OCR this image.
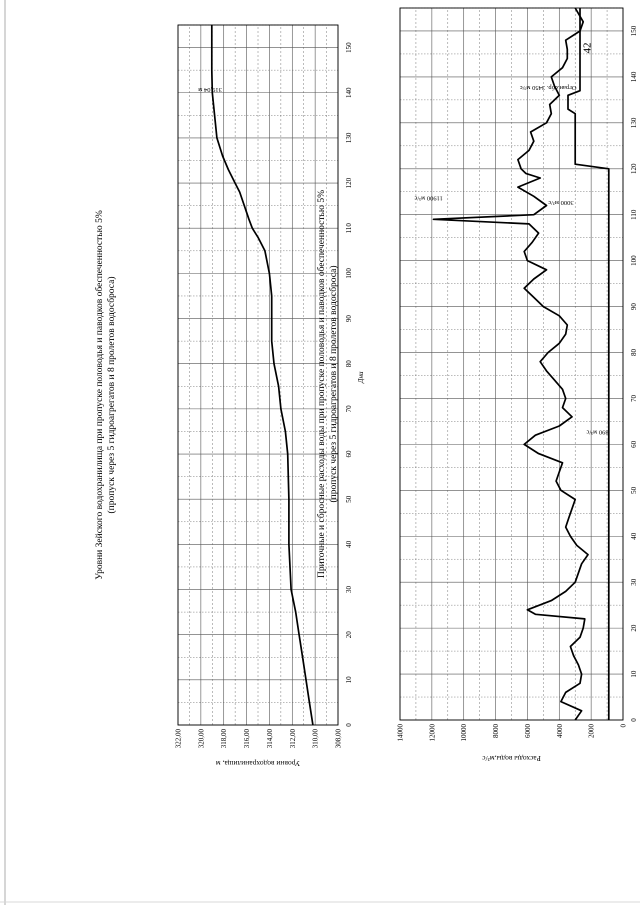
42
Уровни Зейского водохранилища при пропуске половодья и паводков обеспеченностью 5% (пропуск через 5 гидроагрегатов и 8 пролетов водосброса)
0
10
20
30
40
50
60
70
80
90
100
110
120
130
140
150
308,00
310,00
312,00
314,00
316,00
318,00
320,00
322,00
Дни
Уровни водохранилища, м
319,04 м
Приточные и сбросные расходы воды при пропуске половодья и паводков обеспеченностью 5% (пропуск через 5 гидроагрегатов и 8 пролетов водосброса)
0
10
20
30
40
50
60
70
80
90
100
110
120
130
140
150
0
2000
4000
6000
8000
10000
12000
14000
Расходы воды,м³/с
11900 м³/с
3000 м³/с
Огран.сбр. 3450 м³/с
890 м³/с
